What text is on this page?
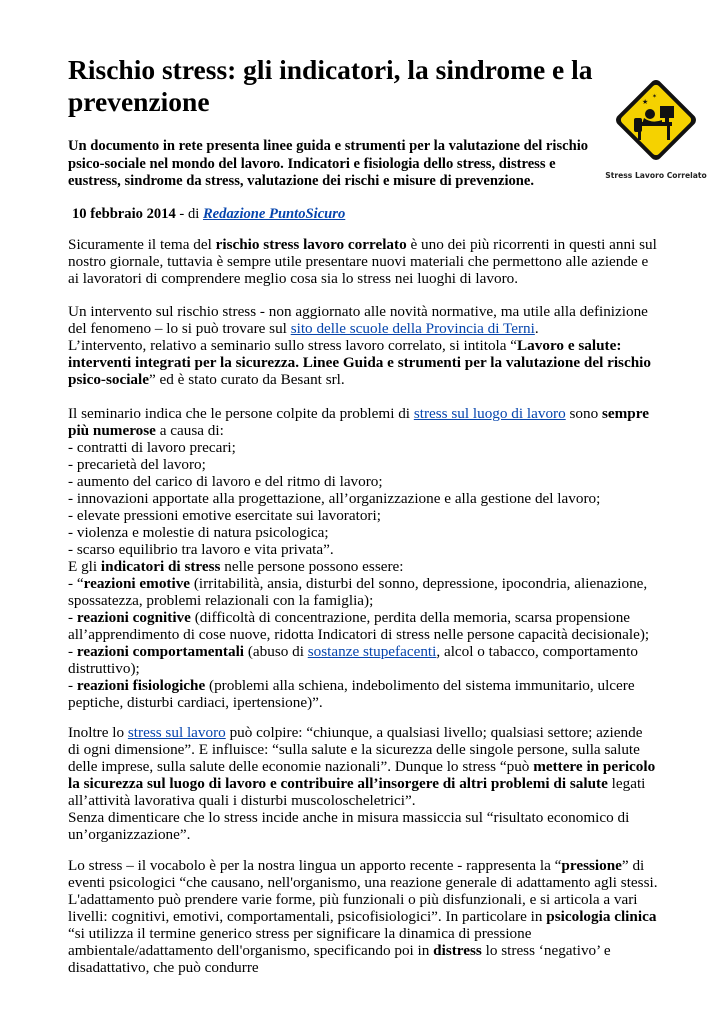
Rischio stress: gli indicatori, la sindrome e la prevenzione	★
✶
Stress Lavoro Correlato

Un documento in rete presenta linee guida e strumenti per la valutazione del rischio psico-sociale nel mondo del lavoro. Indicatori e fisiologia dello stress, distress e eustress, sindrome da stress, valutazione dei rischi e misure di prevenzione.

10 febbraio 2014 - di Redazione PuntoSicuro

Sicuramente il tema del rischio stress lavoro correlato è uno dei più ricorrenti in questi anni sul nostro giornale, tuttavia è sempre utile presentare nuovi materiali che permettono alle aziende e ai lavoratori di comprendere meglio cosa sia lo stress nei luoghi di lavoro.

Un intervento sul rischio stress - non aggiornato alle novità normative, ma utile alla definizione del fenomeno – lo si può trovare sul sito delle scuole della Provincia di Terni.
L’intervento, relativo a seminario sullo stress lavoro correlato, si intitola “Lavoro e salute: interventi integrati per la sicurezza. Linee Guida e strumenti per la valutazione del rischio psico-sociale” ed è stato curato da Besant srl.

Il seminario indica che le persone colpite da problemi di stress sul luogo di lavoro sono sempre più numerose a causa di:
- contratti di lavoro precari;
- precarietà del lavoro;
- aumento del carico di lavoro e del ritmo di lavoro;
- innovazioni apportate alla progettazione, all’organizzazione e alla gestione del lavoro;
- elevate pressioni emotive esercitate sui lavoratori;
- violenza e molestie di natura psicologica;
- scarso equilibrio tra lavoro e vita privata”.
E gli indicatori di stress nelle persone possono essere:
- “reazioni emotive (irritabilità, ansia, disturbi del sonno, depressione, ipocondria, alienazione, spossatezza, problemi relazionali con la famiglia);
- reazioni cognitive (difficoltà di concentrazione, perdita della memoria, scarsa propensione all’apprendimento di cose nuove, ridotta Indicatori di stress nelle persone capacità decisionale);
- reazioni comportamentali (abuso di sostanze stupefacenti, alcol o tabacco, comportamento distruttivo);
- reazioni fisiologiche (problemi alla schiena, indebolimento del sistema immunitario, ulcere peptiche, disturbi cardiaci, ipertensione)”.

Inoltre lo stress sul lavoro può colpire: “chiunque, a qualsiasi livello; qualsiasi settore; aziende di ogni dimensione”. E influisce: “sulla salute e la sicurezza delle singole persone, sulla salute delle imprese, sulla salute delle economie nazionali”. Dunque lo stress “può mettere in pericolo la sicurezza sul luogo di lavoro e contribuire all’insorgere di altri problemi di salute legati all’attività lavorativa quali i disturbi muscoloscheletrici”.
Senza dimenticare che lo stress incide anche in misura massiccia sul “risultato economico di un’organizzazione”.

Lo stress – il vocabolo è per la nostra lingua un apporto recente - rappresenta la “pressione” di eventi psicologici “che causano, nell'organismo, una reazione generale di adattamento agli stessi. L'adattamento può prendere varie forme, più funzionali o più disfunzionali, e si articola a vari livelli: cognitivi, emotivi, comportamentali, psicofisiologici”. In particolare in psicologia clinica “si utilizza il termine generico stress per significare la dinamica di pressione ambientale/adattamento dell'organismo, specificando poi in distress lo stress ‘negativo’ e disadattativo, che può condurre
